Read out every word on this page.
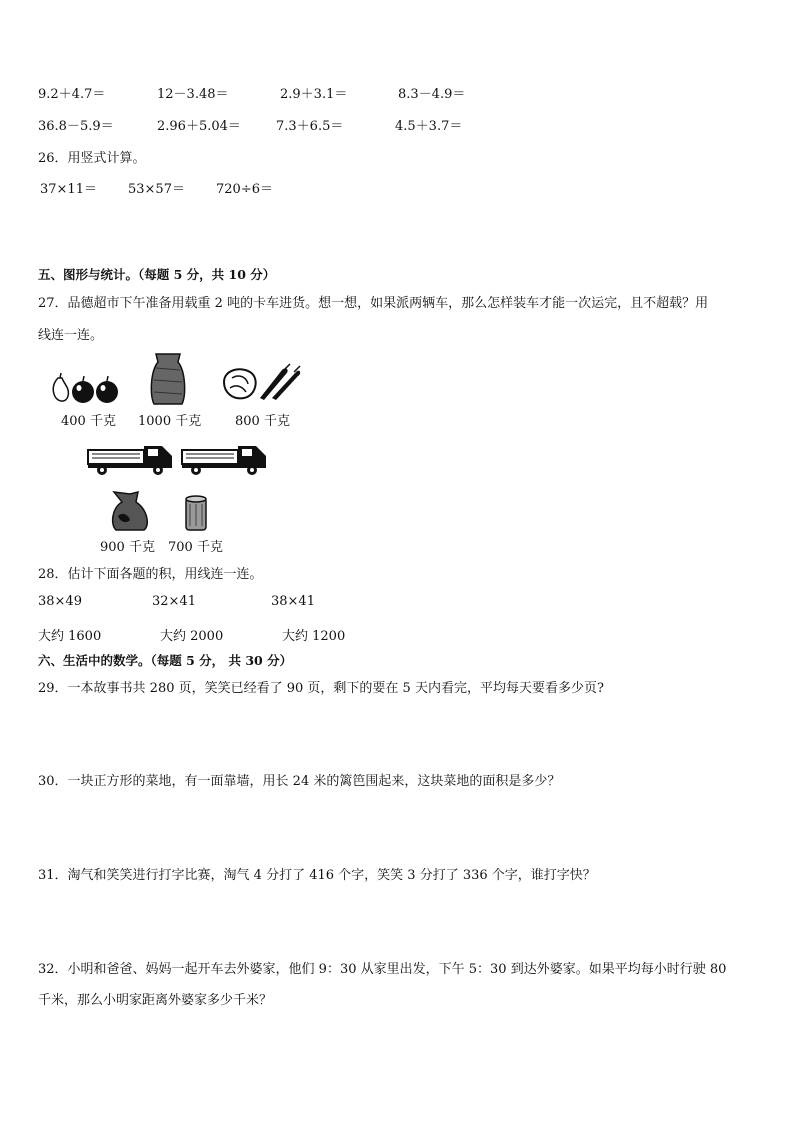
9.2＋4.7＝	12－3.48＝	2.9＋3.1＝	8.3－4.9＝
36.8－5.9＝	2.96＋5.04＝	7.3＋6.5＝	4.5＋3.7＝
26．用竖式计算。
37×11＝ 53×57＝ 720÷6＝
五、图形与统计。（每题 5 分，共 10 分）
27．品德超市下午准备用载重 2 吨的卡车进货。想一想，如果派两辆车，那么怎样装车才能一次运完，且不超载？用
线连一连。
400 千克 1000 千克	800 千克
900 千克 700 千克
28．估计下面各题的积，用线连一连。
38×49	32×41	38×41
大约 1600	大约 2000	大约 1200
六、生活中的数学。（每题 5 分， 共 30 分）
29．一本故事书共 280 页，笑笑已经看了 90 页，剩下的要在 5 天内看完，平均每天要看多少页?
30．一块正方形的菜地，有一面靠墙，用长 24 米的篱笆围起来，这块菜地的面积是多少？
31．淘气和笑笑进行打字比赛，淘气 4 分打了 416 个字，笑笑 3 分打了 336 个字，谁打字快？
32．小明和爸爸、妈妈一起开车去外婆家，他们 9：30 从家里出发，下午 5：30 到达外婆家。如果平均每小时行驶 80
千米，那么小明家距离外婆家多少千米？
